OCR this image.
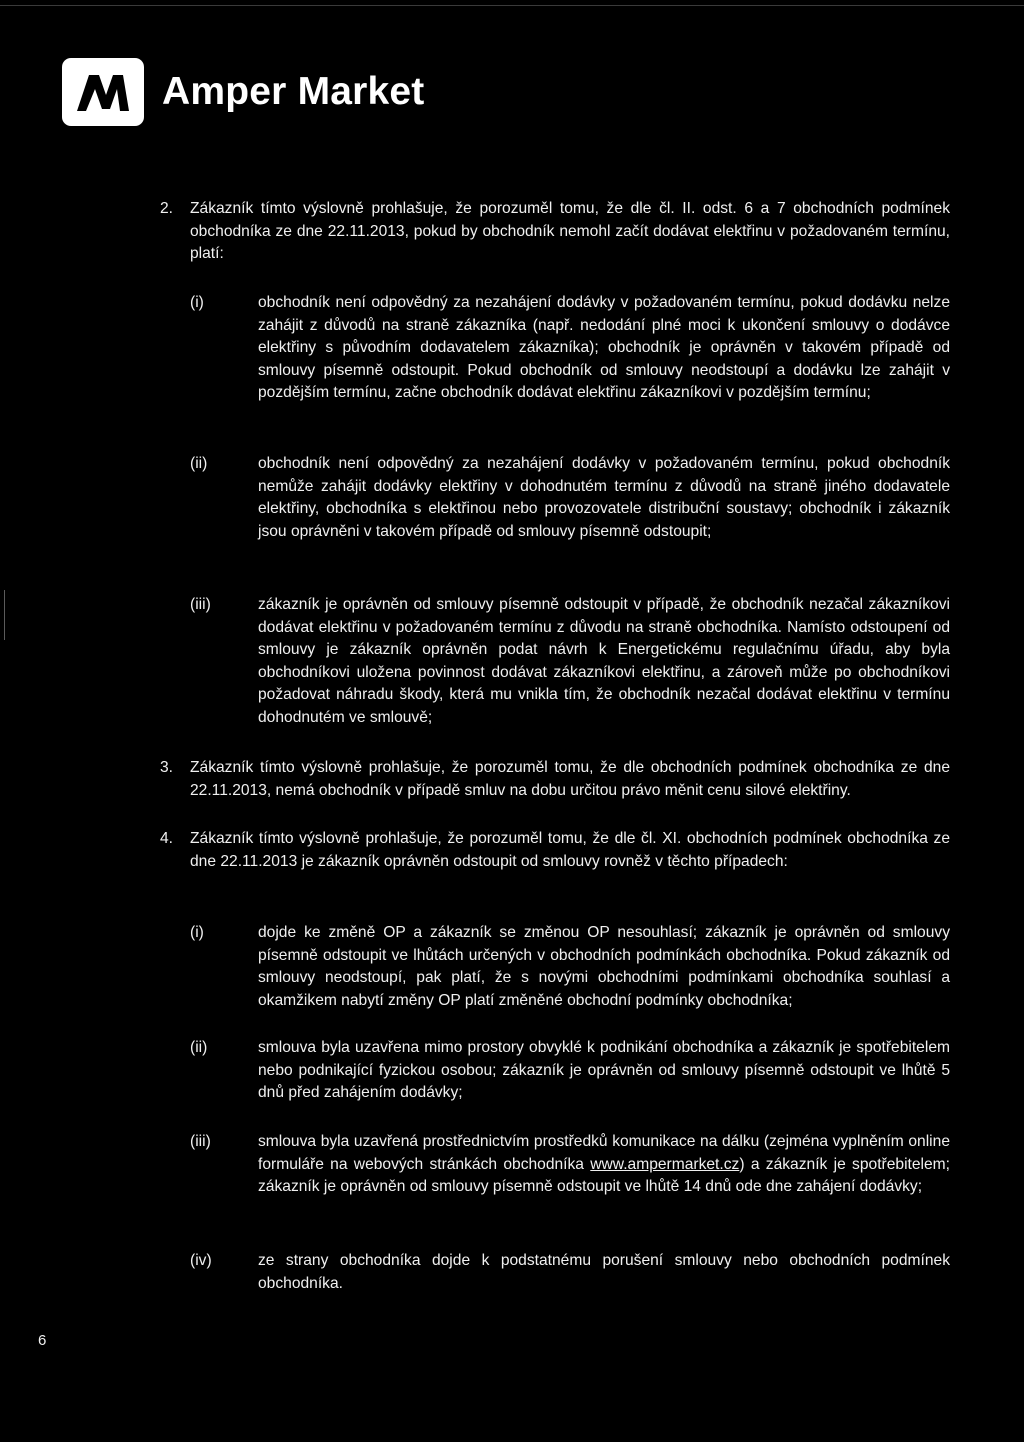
Amper Market
2.	Zákazník tímto výslovně prohlašuje, že porozuměl tomu, že dle čl. II. odst. 6 a 7 obchodních podmínek obchodníka ze dne 22.11.2013, pokud by obchodník nemohl začít dodávat elektřinu v požadovaném termínu, platí:
(i)	obchodník není odpovědný za nezahájení dodávky v požadovaném termínu, pokud dodávku nelze zahájit z důvodů na straně zákazníka (např. nedodání plné moci k ukončení smlouvy o dodávce elektřiny s původním dodavatelem zákazníka); obchodník je oprávněn v takovém případě od smlouvy písemně odstoupit. Pokud obchodník od smlouvy neodstoupí a dodávku lze zahájit v pozdějším termínu, začne obchodník dodávat elektřinu zákazníkovi v pozdějším termínu;
(ii)	obchodník není odpovědný za nezahájení dodávky v požadovaném termínu, pokud obchodník nemůže zahájit dodávky elektřiny v dohodnutém termínu z důvodů na straně jiného dodavatele elektřiny, obchodníka s elektřinou nebo provozovatele distribuční soustavy; obchodník i zákazník jsou oprávněni v takovém případě od smlouvy písemně odstoupit;
(iii)	zákazník je oprávněn od smlouvy písemně odstoupit v případě, že obchodník nezačal zákazníkovi dodávat elektřinu v požadovaném termínu z důvodu na straně obchodníka. Namísto odstoupení od smlouvy je zákazník oprávněn podat návrh k Energetickému regulačnímu úřadu, aby byla obchodníkovi uložena povinnost dodávat zákazníkovi elektřinu, a zároveň může po obchodníkovi požadovat náhradu škody, která mu vnikla tím, že obchodník nezačal dodávat elektřinu v termínu dohodnutém ve smlouvě;
3.	Zákazník tímto výslovně prohlašuje, že porozuměl tomu, že dle obchodních podmínek obchodníka ze dne 22.11.2013, nemá obchodník v případě smluv na dobu určitou právo měnit cenu silové elektřiny.
4.	Zákazník tímto výslovně prohlašuje, že porozuměl tomu, že dle čl. XI. obchodních podmínek obchodníka ze dne 22.11.2013 je zákazník oprávněn odstoupit od smlouvy rovněž v těchto případech:
(i)	dojde ke změně OP a zákazník se změnou OP nesouhlasí; zákazník je oprávněn od smlouvy písemně odstoupit ve lhůtách určených v obchodních podmínkách obchodníka. Pokud zákazník od smlouvy neodstoupí, pak platí, že s novými obchodními podmínkami obchodníka souhlasí a okamžikem nabytí změny OP platí změněné obchodní podmínky obchodníka;
(ii)	smlouva byla uzavřena mimo prostory obvyklé k podnikání obchodníka a zákazník je spotřebitelem nebo podnikající fyzickou osobou; zákazník je oprávněn od smlouvy písemně odstoupit ve lhůtě 5 dnů před zahájením dodávky;
(iii)	smlouva byla uzavřená prostřednictvím prostředků komunikace na dálku (zejména vyplněním online formuláře na webových stránkách obchodníka www.ampermarket.cz) a zákazník je spotřebitelem; zákazník je oprávněn od smlouvy písemně odstoupit ve lhůtě 14 dnů ode dne zahájení dodávky;
(iv)	ze strany obchodníka dojde k podstatnému porušení smlouvy nebo obchodních podmínek obchodníka.
6
